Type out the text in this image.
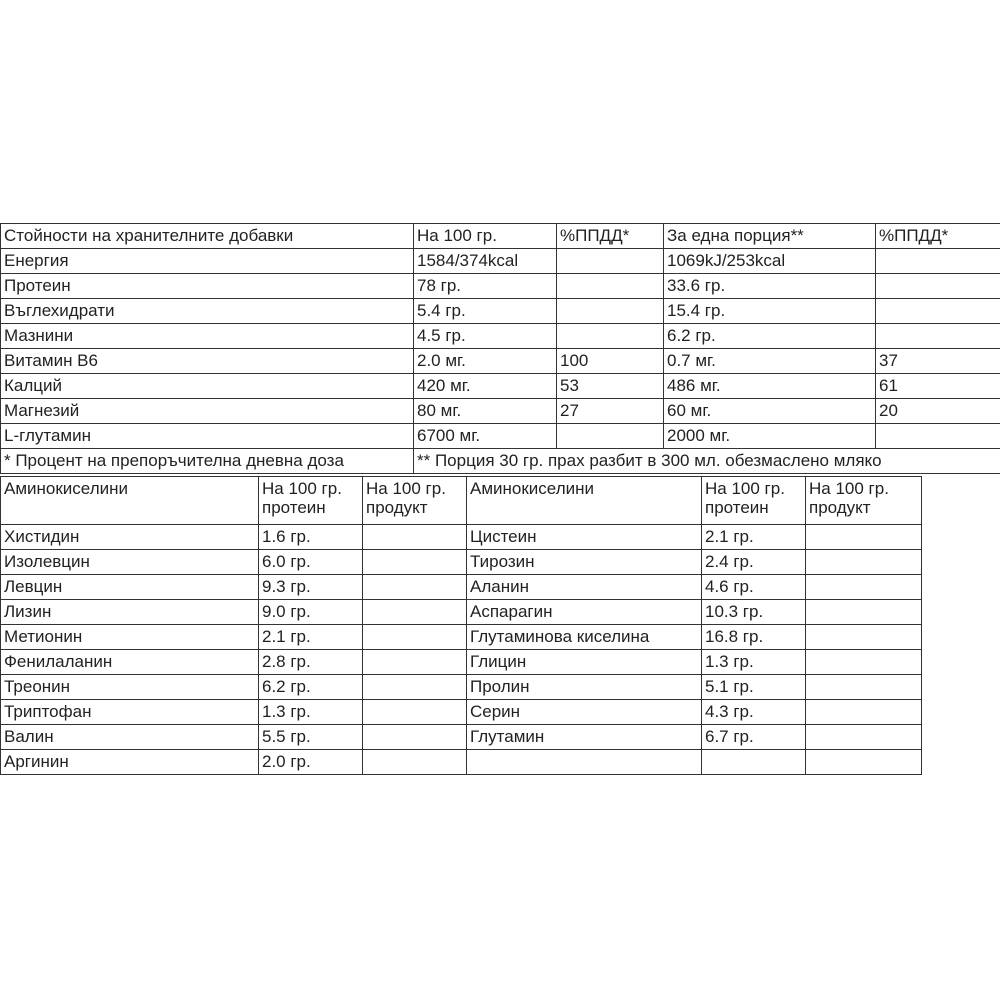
Стойности на хранителните добавки	На 100 гр.	%ППДД*	За една порция**	%ППДД*
Енергия	1584/374kcal		1069kJ/253kcal	
Протеин	78 гр.		33.6 гр.	
Въглехидрати	5.4 гр.		15.4 гр.	
Мазнини	4.5 гр.		6.2 гр.	
Витамин B6	2.0 мг.	100	0.7 мг.	37
Калций	420 мг.	53	486 мг.	61
Магнезий	80 мг.	27	60 мг.	20
L-глутамин	6700 мг.		2000 мг.	
* Процент на препоръчителна дневна доза	** Порция 30 гр. прах разбит в 300 мл. обезмаслено мляко			
Аминокиселини	На 100 гр. протеин	На 100 гр. продукт	Аминокиселини	На 100 гр. протеин	На 100 гр. продукт
Хистидин	1.6 гр.		Цистеин	2.1 гр.	
Изолевцин	6.0 гр.		Тирозин	2.4 гр.	
Левцин	9.3 гр.		Аланин	4.6 гр.	
Лизин	9.0 гр.		Аспарагин	10.3 гр.	
Метионин	2.1 гр.		Глутаминова киселина	16.8 гр.	
Фенилаланин	2.8 гр.		Глицин	1.3 гр.	
Треонин	6.2 гр.		Пролин	5.1 гр.	
Триптофан	1.3 гр.		Серин	4.3 гр.	
Валин	5.5 гр.		Глутамин	6.7 гр.	
Аргинин	2.0 гр.				
